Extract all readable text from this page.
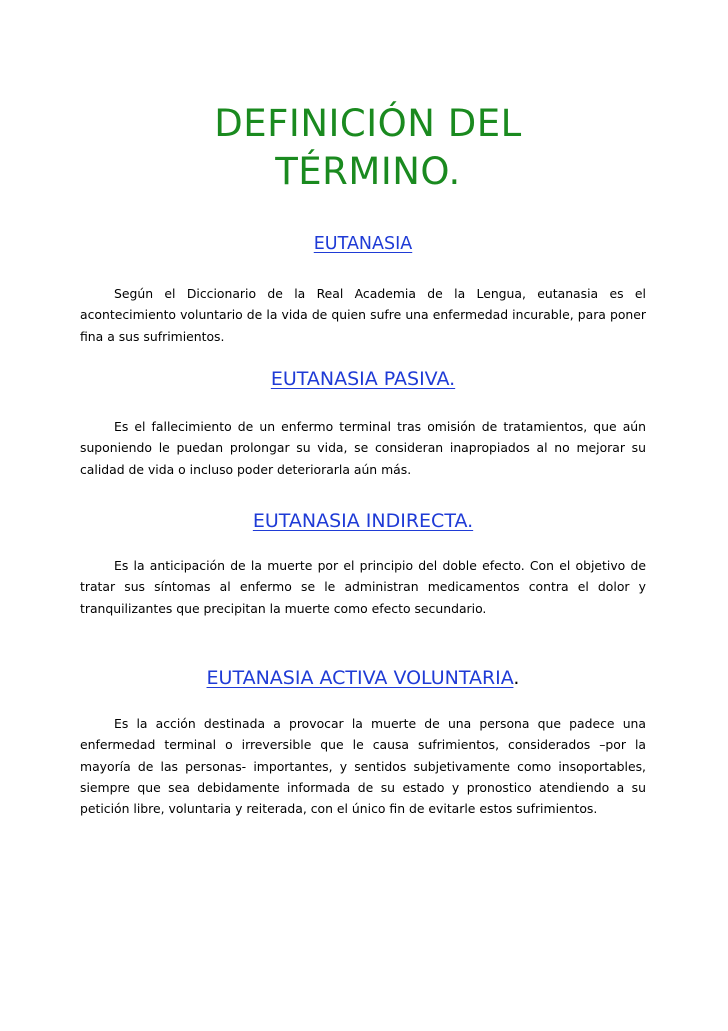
DEFINICIÓN DEL
TÉRMINO.
EUTANASIA

Según el Diccionario de la Real Academia de la Lengua, eutanasia es el acontecimiento voluntario de la vida de quien sufre una enfermedad incurable, para poner fina a sus sufrimientos.

EUTANASIA PASIVA.

Es el fallecimiento de un enfermo terminal tras omisión de tratamientos, que aún suponiendo le puedan prolongar su vida, se consideran inapropiados al no mejorar su calidad de vida o incluso poder deteriorarla aún más.

EUTANASIA INDIRECTA.

Es la anticipación de la muerte por el principio del doble efecto. Con el objetivo de tratar sus síntomas al enfermo se le administran medicamentos contra el dolor y tranquilizantes que precipitan la muerte como efecto secundario.

EUTANASIA ACTIVA VOLUNTARIA.

Es la acción destinada a provocar la muerte de una persona que padece una enfermedad terminal o irreversible que le causa sufrimientos, considerados –por la mayoría de las personas- importantes, y sentidos subjetivamente como insoportables, siempre que sea debidamente informada de su estado y pronostico atendiendo a su petición libre, voluntaria y reiterada, con el único fin de evitarle estos sufrimientos.
